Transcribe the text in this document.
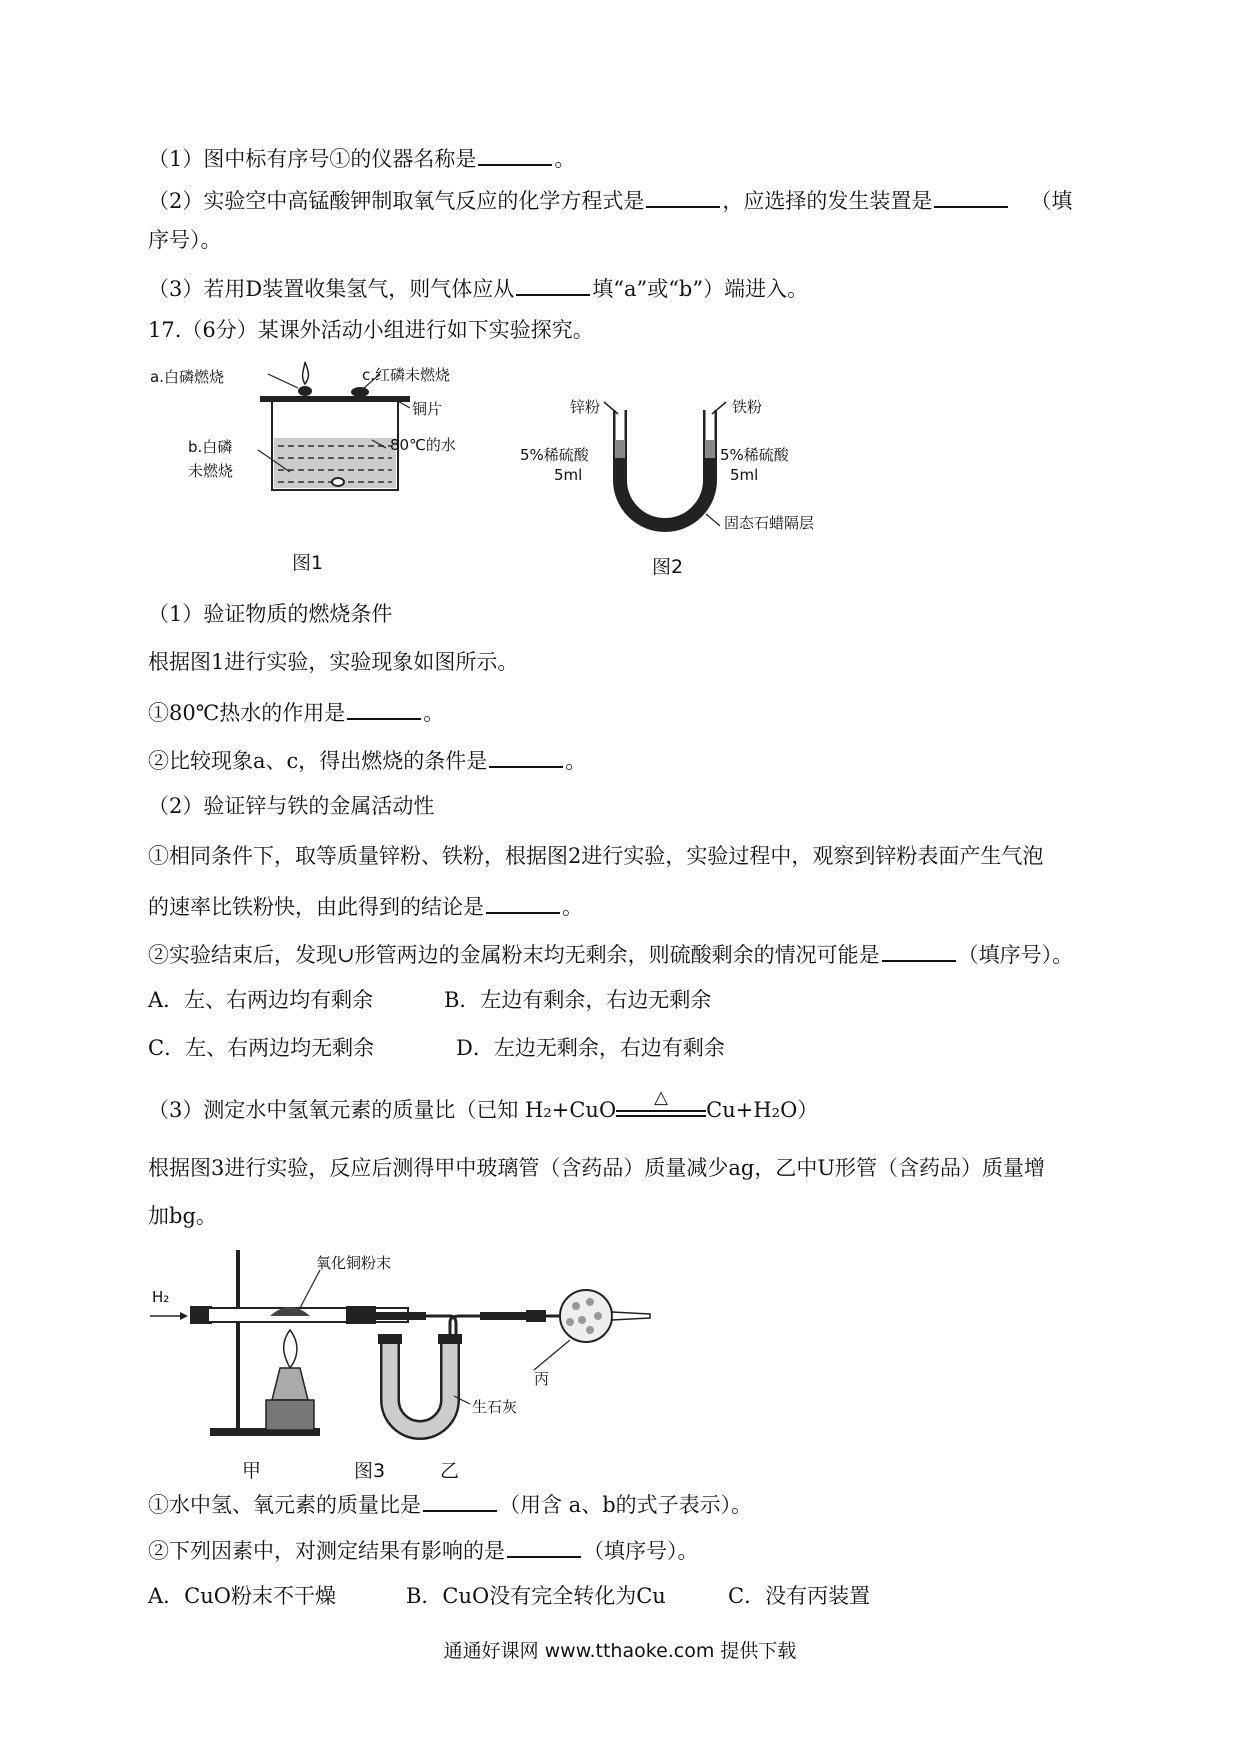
（1）图中标有序号①的仪器名称是	。
（2）实验空中高锰酸钾制取氧气反应的化学方程式是	，应选择的发生装置是	（填
序号）。
（3）若用D装置收集氢气，则气体应从	填“a”或“b”）端进入。
17.（6分）某课外活动小组进行如下实验探究。
a.白磷燃烧	c.红磷未燃烧
铜片
b.白磷
未燃烧
80℃的水
图1
锌粉	铁粉
5%稀硫酸
5ml
5%稀硫酸
5ml
固态石蜡隔层
图2
（1）验证物质的燃烧条件
根据图1进行实验，实验现象如图所示。
①80℃热水的作用是	。
②比较现象a、c，得出燃烧的条件是	。
（2）验证锌与铁的金属活动性
①相同条件下，取等质量锌粉、铁粉，根据图2进行实验，实验过程中，观察到锌粉表面产生气泡
的速率比铁粉快，由此得到的结论是	。
②实验结束后，发现∪形管两边的金属粉末均无剩余，则硫酸剩余的情况可能是	（填序号）。
A．左、右两边均有剩余	B．左边有剩余，右边无剩余
C．左、右两边均无剩余	D．左边无剩余，右边有剩余
（3）测定水中氢氧元素的质量比（已知 H₂+CuO
△
Cu+H₂O）
根据图3进行实验，反应后测得甲中玻璃管（含药品）质量减少ag，乙中U形管（含药品）质量增
加bg。
H₂
氧化铜粉末
丙
生石灰
甲	图3	乙
①水中氢、氧元素的质量比是	（用含 a、b的式子表示）。
②下列因素中，对测定结果有影响的是	（填序号）。
A．CuO粉末不干燥	B．CuO没有完全转化为Cu	C．没有丙装置
通通好课网 www.tthaoke.com 提供下载
